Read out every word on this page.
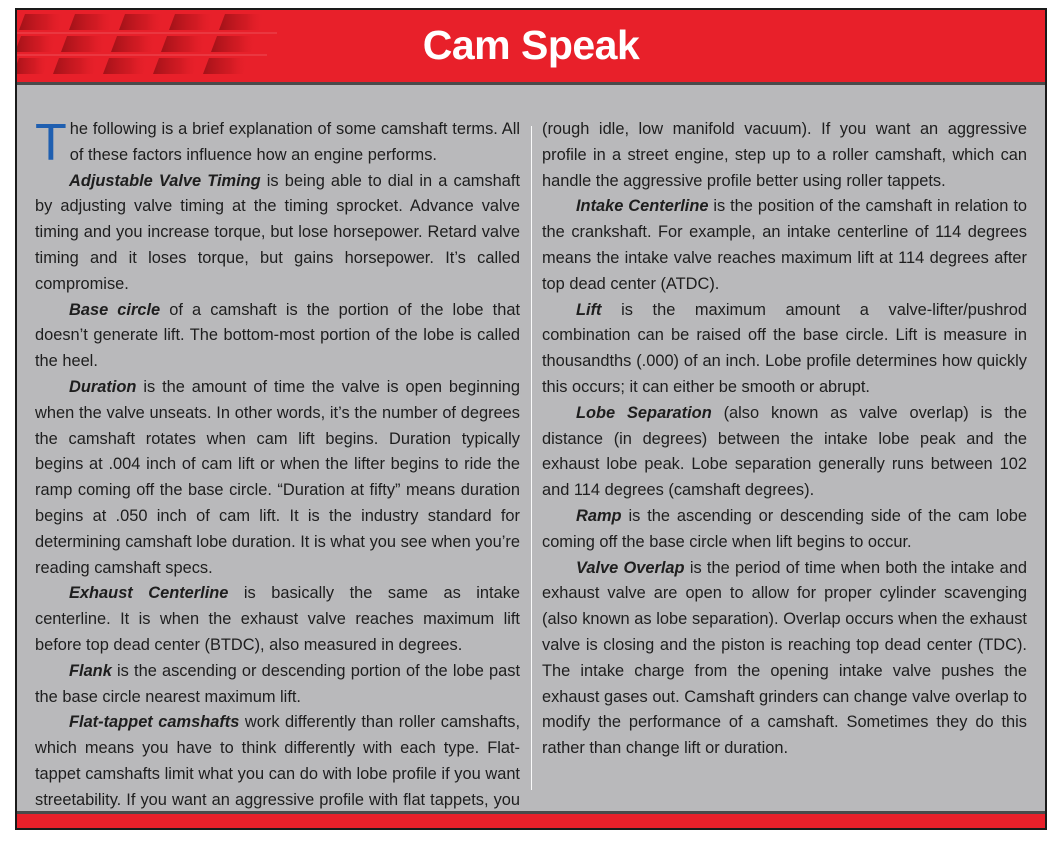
Cam Speak

The following is a brief explanation of some camshaft terms. All of these factors influence how an engine performs.

Adjustable Valve Timing is being able to dial in a camshaft by adjusting valve timing at the timing sprocket. Advance valve timing and you increase torque, but lose horsepower. Retard valve timing and it loses torque, but gains horsepower. It’s called compromise.

Base circle of a camshaft is the portion of the lobe that doesn’t generate lift. The bottom-most portion of the lobe is called the heel.

Duration is the amount of time the valve is open beginning when the valve unseats. In other words, it’s the number of degrees the camshaft rotates when cam lift begins. Duration typically begins at .004 inch of cam lift or when the lifter begins to ride the ramp coming off the base circle. “Duration at fifty” means duration begins at .050 inch of cam lift. It is the industry standard for determining camshaft lobe duration. It is what you see when you’re reading camshaft specs.

Exhaust Centerline is basically the same as intake centerline. It is when the exhaust valve reaches maximum lift before top dead center (BTDC), also measured in degrees.

Flank is the ascending or descending portion of the lobe past the base circle nearest maximum lift.

Flat-tappet camshafts work differently than roller camshafts, which means you have to think differently with each type. Flat-tappet camshafts limit what you can do with lobe profile if you want streetability. If you want an aggressive profile with flat tappets, you

(rough idle, low manifold vacuum). If you want an aggressive profile in a street engine, step up to a roller camshaft, which can handle the aggressive profile better using roller tappets.

Intake Centerline is the position of the camshaft in relation to the crankshaft. For example, an intake centerline of 114 degrees means the intake valve reaches maximum lift at 114 degrees after top dead center (ATDC).

Lift is the maximum amount a valve-lifter/pushrod combination can be raised off the base circle. Lift is measure in thousandths (.000) of an inch. Lobe profile determines how quickly this occurs; it can either be smooth or abrupt.

Lobe Separation (also known as valve overlap) is the distance (in degrees) between the intake lobe peak and the exhaust lobe peak. Lobe separation generally runs between 102 and 114 degrees (camshaft degrees).

Ramp is the ascending or descending side of the cam lobe coming off the base circle when lift begins to occur.

Valve Overlap is the period of time when both the intake and exhaust valve are open to allow for proper cylinder scavenging (also known as lobe separation). Overlap occurs when the exhaust valve is closing and the piston is reaching top dead center (TDC). The intake charge from the opening intake valve pushes the exhaust gases out. Camshaft grinders can change valve overlap to modify the performance of a camshaft. Sometimes they do this rather than change lift or duration.
